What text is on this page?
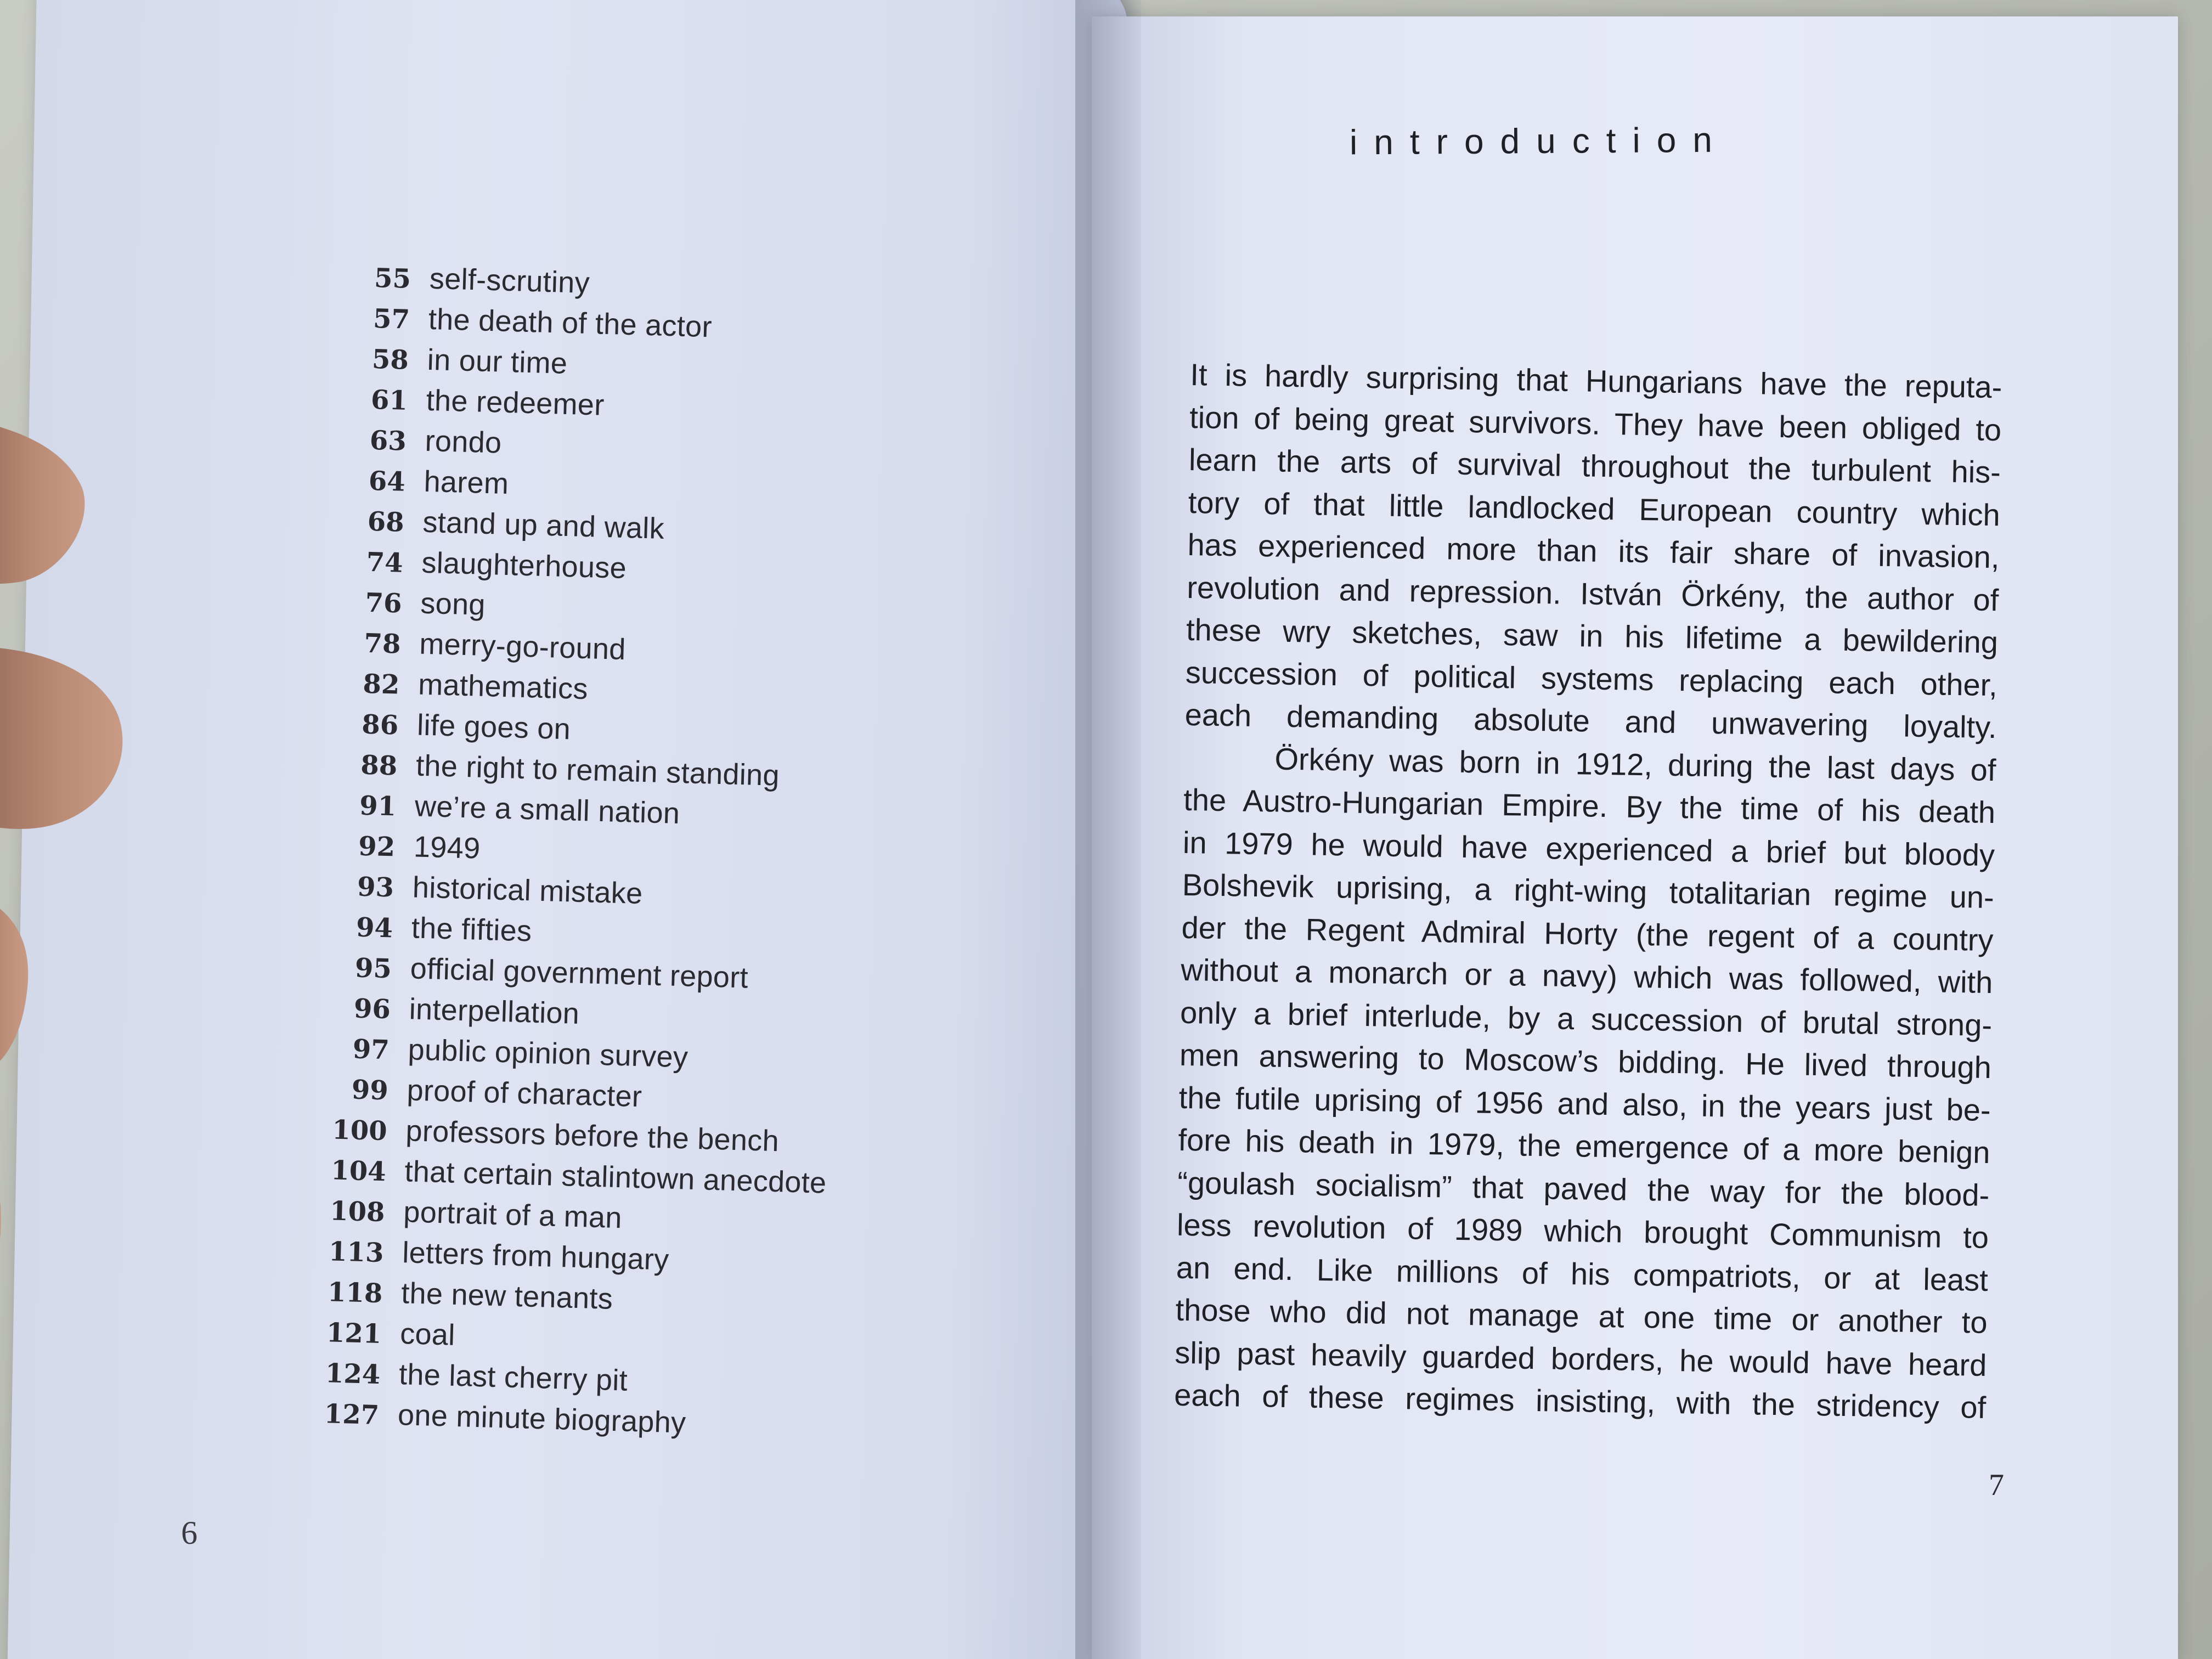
55 self-scrutiny
57 the death of the actor
58 in our time
61 the redeemer
63 rondo
64 harem
68 stand up and walk
74 slaughterhouse
76 song
78 merry-go-round
82 mathematics
86 life goes on
88 the right to remain standing
91 we’re a small nation
92 1949
93 historical mistake
94 the fifties
95 official government report
96 interpellation
97 public opinion survey
99 proof of character
100 professors before the bench
104 that certain stalintown anecdote
108 portrait of a man
113 letters from hungary
118 the new tenants
121 coal
124 the last cherry pit
127 one minute biography
6
introduction
It is hardly surprising that Hungarians have the reputa-
tion of being great survivors. They have been obliged to
learn the arts of survival throughout the turbulent his-
tory of that little landlocked European country which
has experienced more than its fair share of invasion,
revolution and repression. István Örkény, the author of
these wry sketches, saw in his lifetime a bewildering
succession of political systems replacing each other,
each demanding absolute and unwavering loyalty.
Örkény was born in 1912, during the last days of
the Austro-Hungarian Empire. By the time of his death
in 1979 he would have experienced a brief but bloody
Bolshevik uprising, a right-wing totalitarian regime un-
der the Regent Admiral Horty (the regent of a country
without a monarch or a navy) which was followed, with
only a brief interlude, by a succession of brutal strong-
men answering to Moscow’s bidding. He lived through
the futile uprising of 1956 and also, in the years just be-
fore his death in 1979, the emergence of a more benign
“goulash socialism” that paved the way for the blood-
less revolution of 1989 which brought Communism to
an end. Like millions of his compatriots, or at least
those who did not manage at one time or another to
slip past heavily guarded borders, he would have heard
each of these regimes insisting, with the stridency of
7
